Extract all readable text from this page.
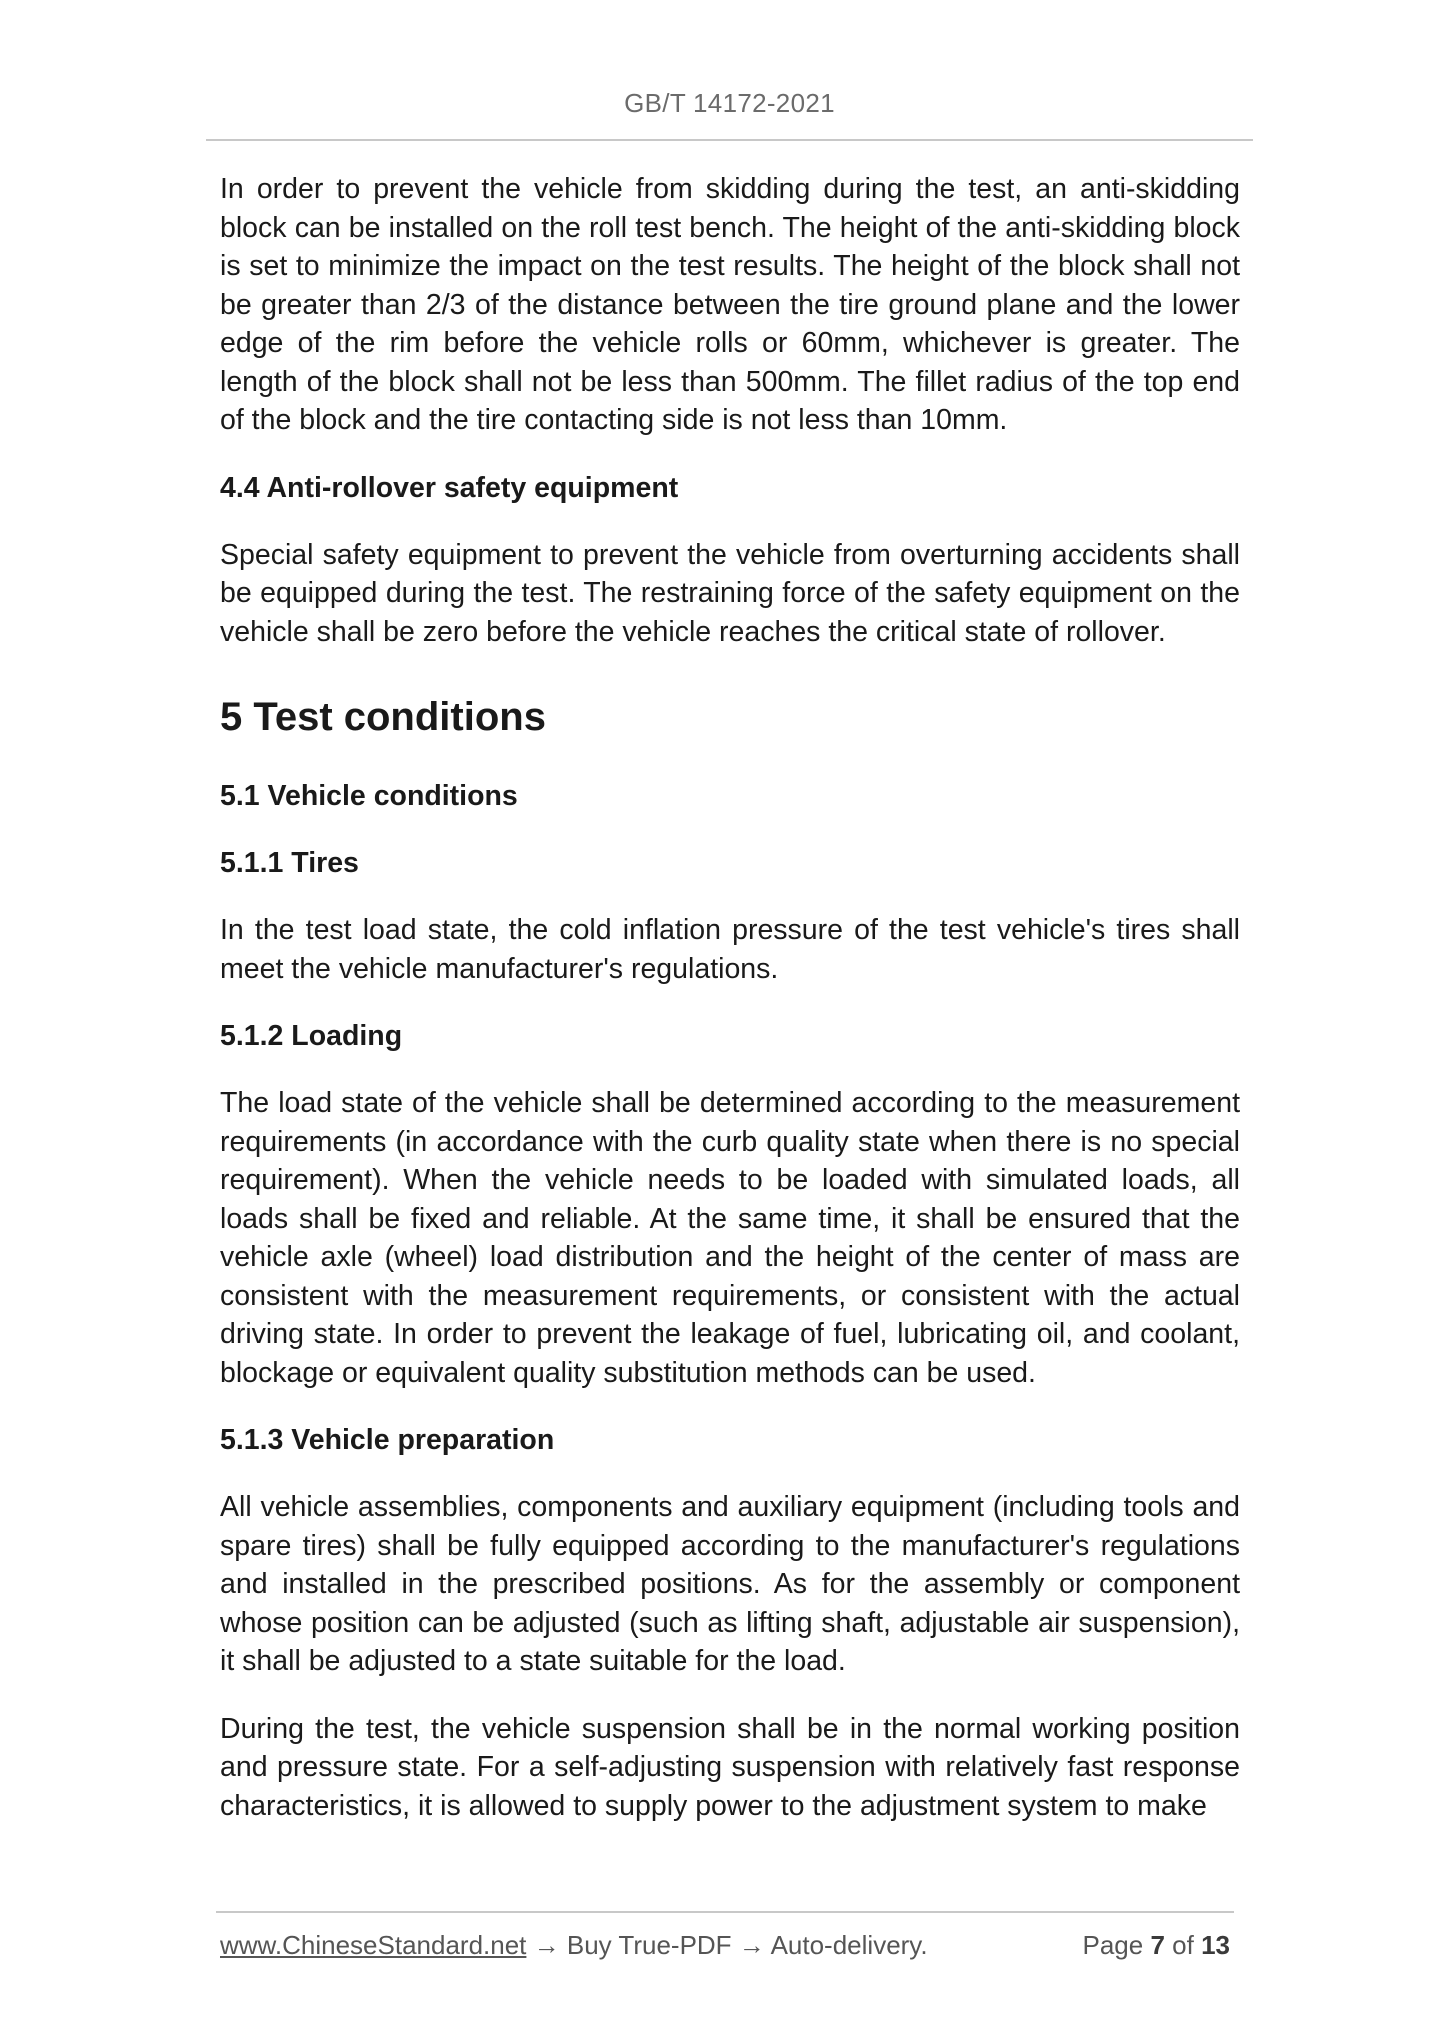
GB/T 14172-2021

In order to prevent the vehicle from skidding during the test, an anti-skidding block can be installed on the roll test bench. The height of the anti-skidding block is set to minimize the impact on the test results. The height of the block shall not be greater than 2/3 of the distance between the tire ground plane and the lower edge of the rim before the vehicle rolls or 60mm, whichever is greater. The length of the block shall not be less than 500mm. The fillet radius of the top end of the block and the tire contacting side is not less than 10mm.

4.4 Anti-rollover safety equipment

Special safety equipment to prevent the vehicle from overturning accidents shall be equipped during the test. The restraining force of the safety equipment on the vehicle shall be zero before the vehicle reaches the critical state of rollover.

5 Test conditions
5.1 Vehicle conditions
5.1.1 Tires

In the test load state, the cold inflation pressure of the test vehicle's tires shall meet the vehicle manufacturer's regulations.

5.1.2 Loading

The load state of the vehicle shall be determined according to the measurement requirements (in accordance with the curb quality state when there is no special requirement). When the vehicle needs to be loaded with simulated loads, all loads shall be fixed and reliable. At the same time, it shall be ensured that the vehicle axle (wheel) load distribution and the height of the center of mass are consistent with the measurement requirements, or consistent with the actual driving state. In order to prevent the leakage of fuel, lubricating oil, and coolant, blockage or equivalent quality substitution methods can be used.

5.1.3 Vehicle preparation

All vehicle assemblies, components and auxiliary equipment (including tools and spare tires) shall be fully equipped according to the manufacturer's regulations and installed in the prescribed positions. As for the assembly or component whose position can be adjusted (such as lifting shaft, adjustable air suspension), it shall be adjusted to a state suitable for the load.

During the test, the vehicle suspension shall be in the normal working position and pressure state. For a self-adjusting suspension with relatively fast response characteristics, it is allowed to supply power to the adjustment system to make

www.ChineseStandard.net → Buy True-PDF → Auto-delivery.	Page 7 of 13
